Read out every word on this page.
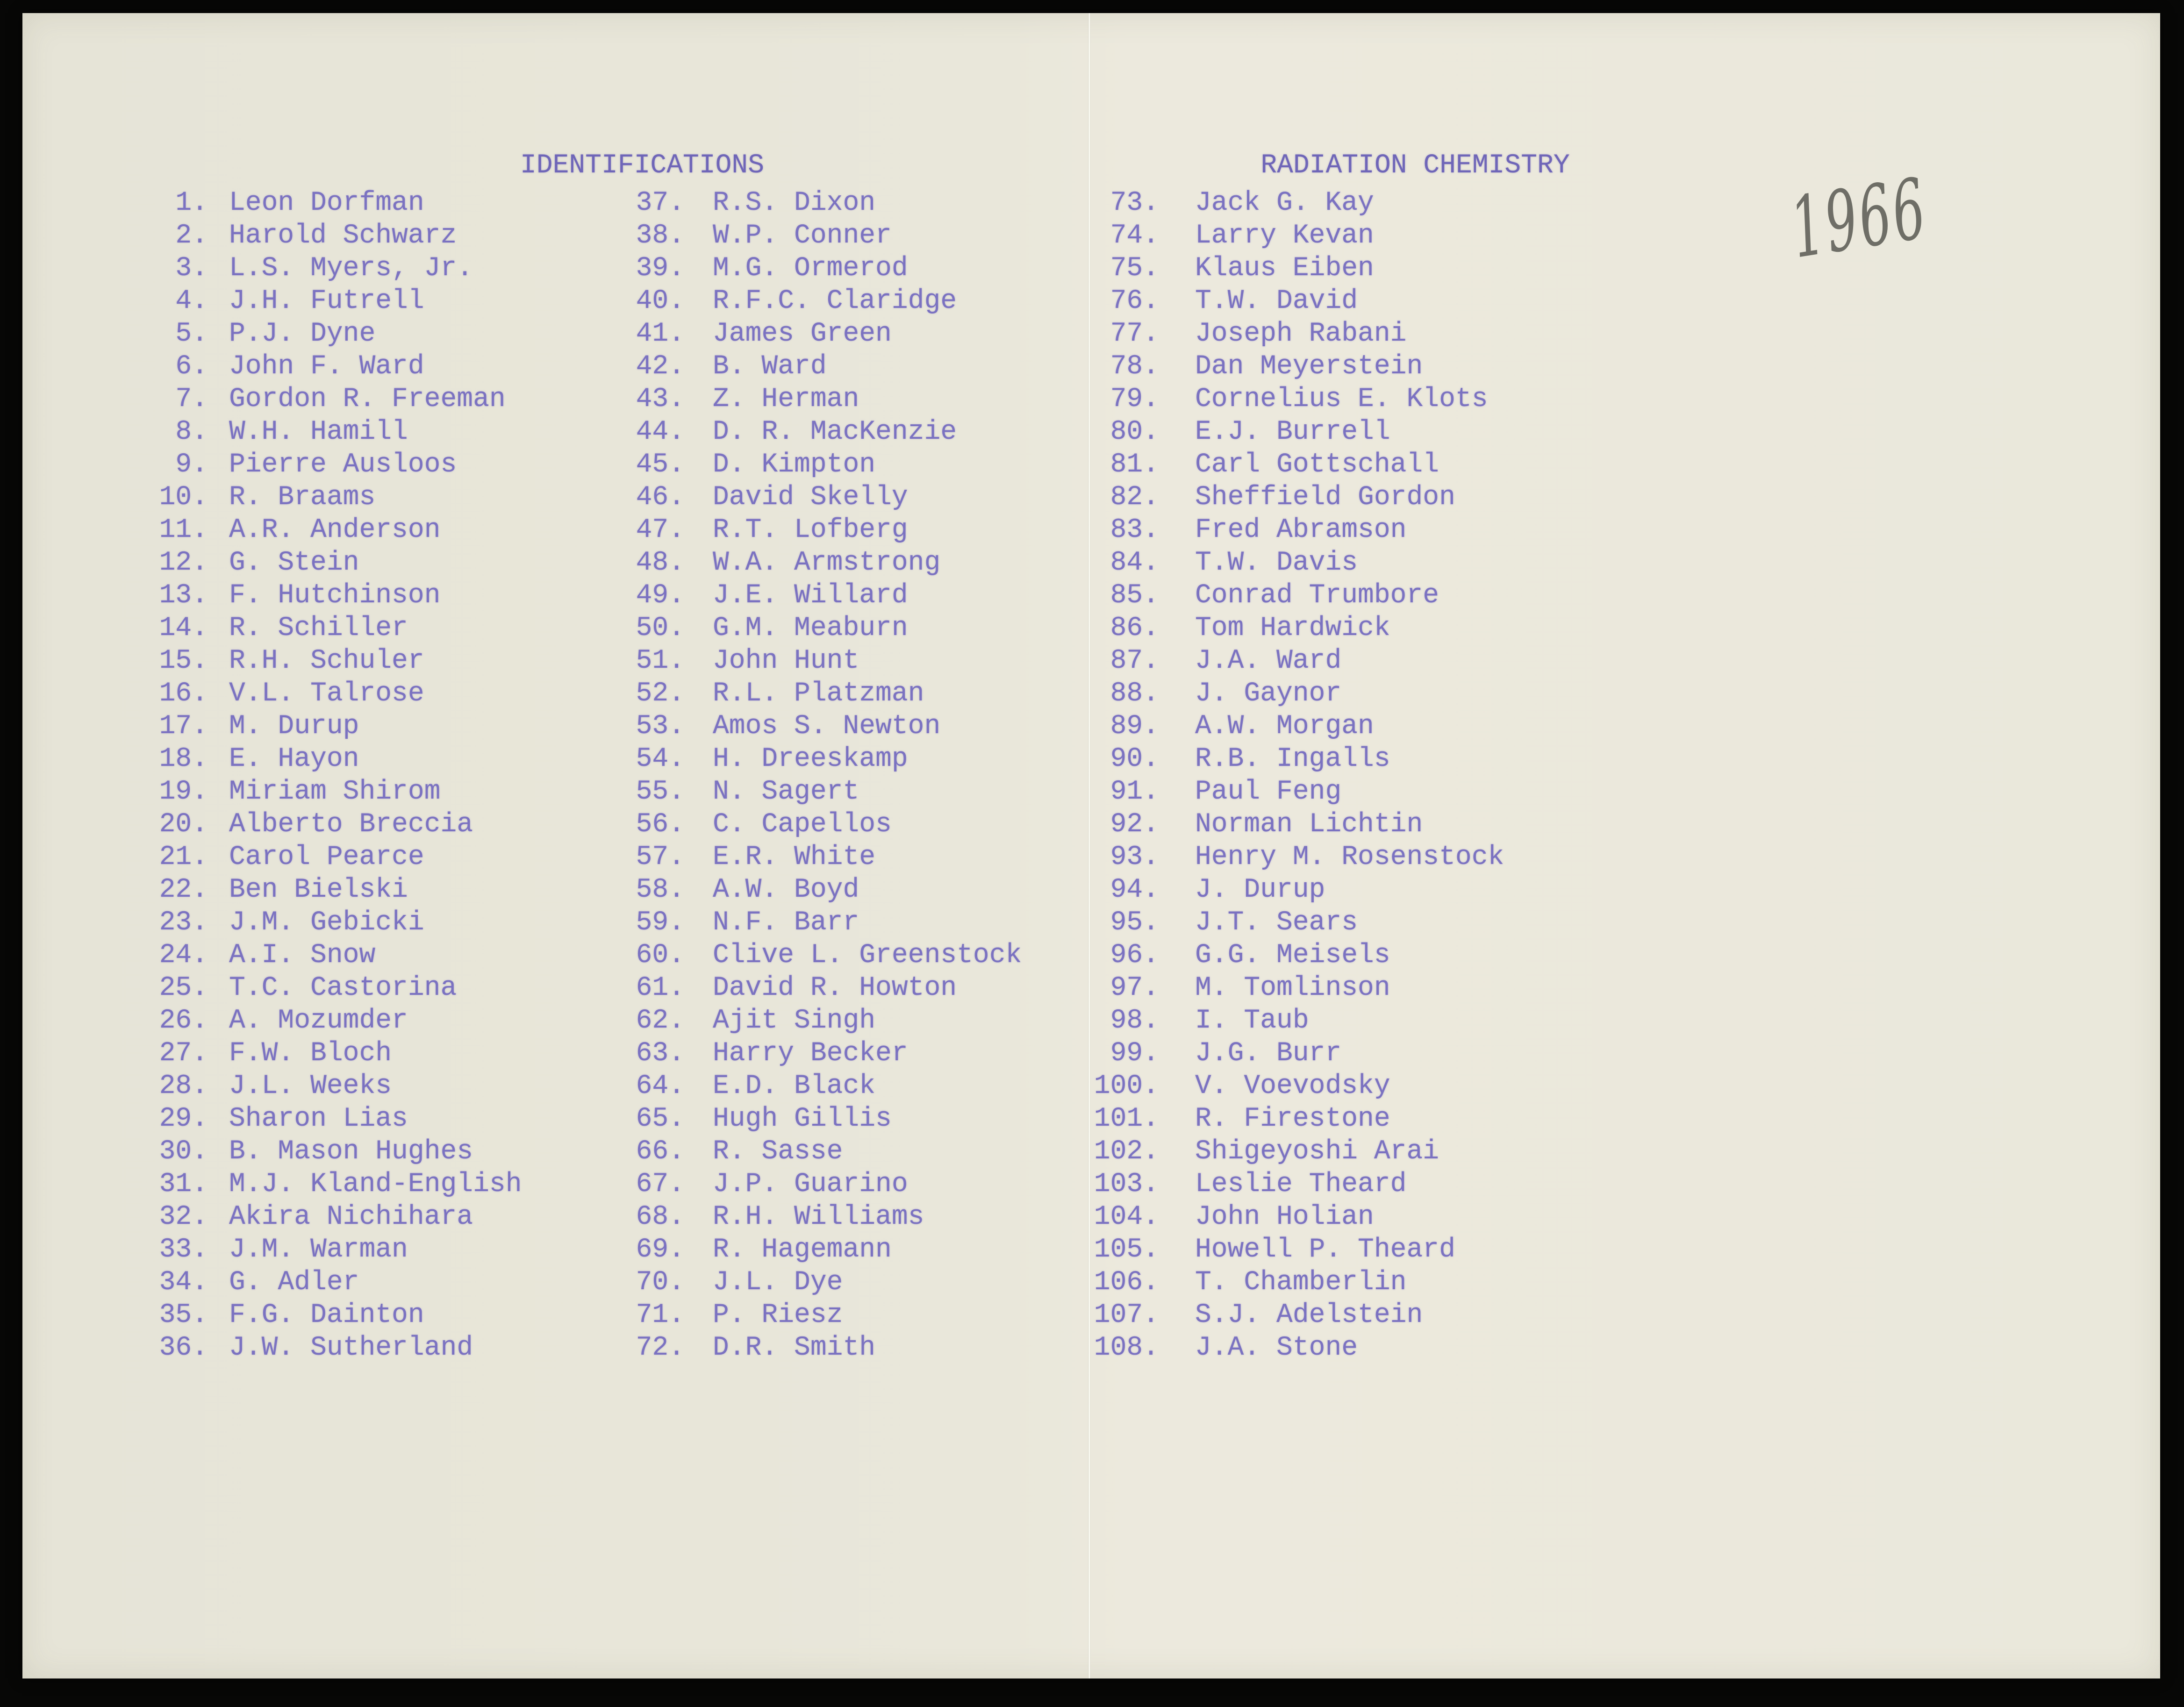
IDENTIFICATIONS	RADIATION CHEMISTRY	1966
1. Leon Dorfman
2. Harold Schwarz
3. L.S. Myers, Jr.
4. J.H. Futrell
5. P.J. Dyne
6. John F. Ward
7. Gordon R. Freeman
8. W.H. Hamill
9. Pierre Ausloos
10. R. Braams
11. A.R. Anderson
12. G. Stein
13. F. Hutchinson
14. R. Schiller
15. R.H. Schuler
16. V.L. Talrose
17. M. Durup
18. E. Hayon
19. Miriam Shirom
20. Alberto Breccia
21. Carol Pearce
22. Ben Bielski
23. J.M. Gebicki
24. A.I. Snow
25. T.C. Castorina
26. A. Mozumder
27. F.W. Bloch
28. J.L. Weeks
29. Sharon Lias
30. B. Mason Hughes
31. M.J. Kland-English
32. Akira Nichihara
33. J.M. Warman
34. G. Adler
35. F.G. Dainton
36. J.W. Sutherland
37. R.S. Dixon
38. W.P. Conner
39. M.G. Ormerod
40. R.F.C. Claridge
41. James Green
42. B. Ward
43. Z. Herman
44. D. R. MacKenzie
45. D. Kimpton
46. David Skelly
47. R.T. Lofberg
48. W.A. Armstrong
49. J.E. Willard
50. G.M. Meaburn
51. John Hunt
52. R.L. Platzman
53. Amos S. Newton
54. H. Dreeskamp
55. N. Sagert
56. C. Capellos
57. E.R. White
58. A.W. Boyd
59. N.F. Barr
60. Clive L. Greenstock
61. David R. Howton
62. Ajit Singh
63. Harry Becker
64. E.D. Black
65. Hugh Gillis
66. R. Sasse
67. J.P. Guarino
68. R.H. Williams
69. R. Hagemann
70. J.L. Dye
71. P. Riesz
72. D.R. Smith
73. Jack G. Kay
74. Larry Kevan
75. Klaus Eiben
76. T.W. David
77. Joseph Rabani
78. Dan Meyerstein
79. Cornelius E. Klots
80. E.J. Burrell
81. Carl Gottschall
82. Sheffield Gordon
83. Fred Abramson
84. T.W. Davis
85. Conrad Trumbore
86. Tom Hardwick
87. J.A. Ward
88. J. Gaynor
89. A.W. Morgan
90. R.B. Ingalls
91. Paul Feng
92. Norman Lichtin
93. Henry M. Rosenstock
94. J. Durup
95. J.T. Sears
96. G.G. Meisels
97. M. Tomlinson
98. I. Taub
99. J.G. Burr
100. V. Voevodsky
101. R. Firestone
102. Shigeyoshi Arai
103. Leslie Theard
104. John Holian
105. Howell P. Theard
106. T. Chamberlin
107. S.J. Adelstein
108. J.A. Stone
